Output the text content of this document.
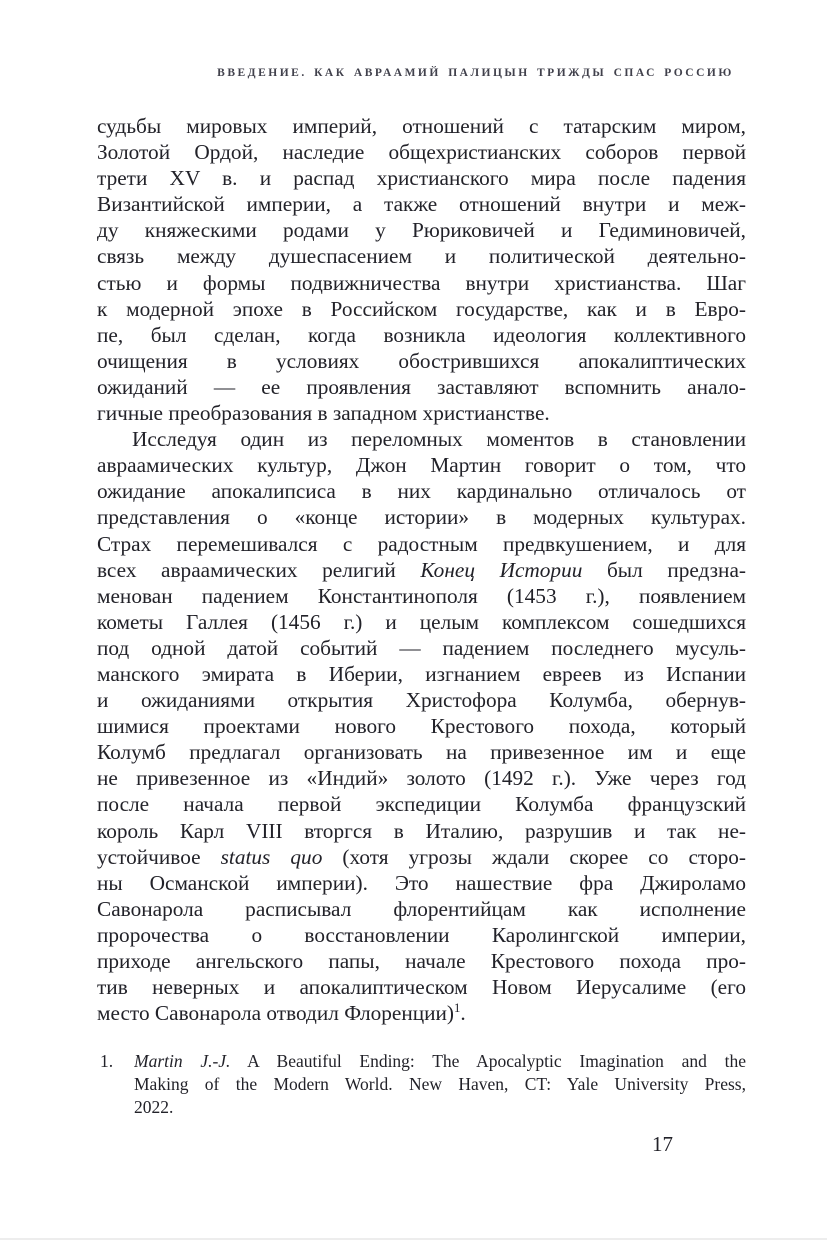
ВВЕДЕНИЕ. КАК АВРААМИЙ ПАЛИЦЫН ТРИЖДЫ СПАС РОССИЮ
судьбы мировых империй, отношений с татарским миром,
Золотой Ордой, наследие общехристианских соборов первой
трети XV в. и распад христианского мира после падения
Византийской империи, а также отношений внутри и меж-
ду княжескими родами у Рюриковичей и Гедиминовичей,
связь между душеспасением и политической деятельно-
стью и формы подвижничества внутри христианства. Шаг
к модерной эпохе в Российском государстве, как и в Евро-
пе, был сделан, когда возникла идеология коллективного
очищения в условиях обострившихся апокалиптических
ожиданий — ее проявления заставляют вспомнить анало-
гичные преобразования в западном христианстве.
Исследуя один из переломных моментов в становлении
авраамических культур, Джон Мартин говорит о том, что
ожидание апокалипсиса в них кардинально отличалось от
представления о «конце истории» в модерных культурах.
Страх перемешивался с радостным предвкушением, и для
всех авраамических религий Конец Истории был предзна-
менован падением Константинополя (1453 г.), появлением
кометы Галлея (1456 г.) и целым комплексом сошедшихся
под одной датой событий — падением последнего мусуль-
манского эмирата в Иберии, изгнанием евреев из Испании
и ожиданиями открытия Христофора Колумба, обернув-
шимися проектами нового Крестового похода, который
Колумб предлагал организовать на привезенное им и еще
не привезенное из «Индий» золото (1492 г.). Уже через год
после начала первой экспедиции Колумба французский
король Карл VIII вторгся в Италию, разрушив и так не-
устойчивое status quo (хотя угрозы ждали скорее со сторо-
ны Османской империи). Это нашествие фра Джироламо
Савонарола расписывал флорентийцам как исполнение
пророчества о восстановлении Каролингской империи,
приходе ангельского папы, начале Крестового похода про-
тив неверных и апокалиптическом Новом Иерусалиме (его
место Савонарола отводил Флоренции)$^1$.
1. Martin J.-J. A Beautiful Ending: The Apocalyptic Imagination and the
Making of the Modern World. New Haven, CT: Yale University Press,
2022.
17
